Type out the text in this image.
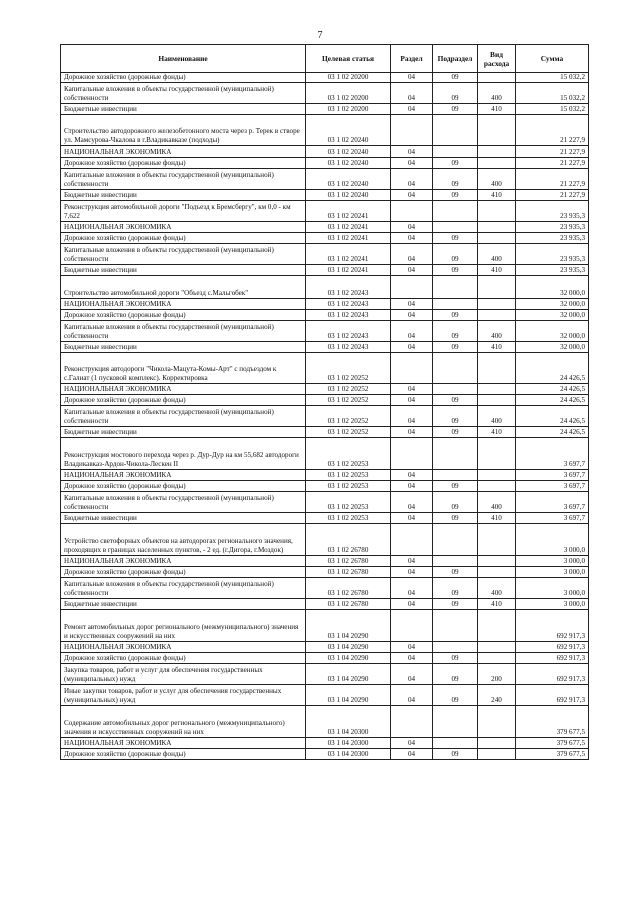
7
Наименование	Целевая статья	Раздел	Подраздел	Вид расхода	Сумма
Дорожное хозяйство (дорожные фонды)	03 1 02 20200	04	09		15 032,2
Капитальные вложения в объекты государственной (муниципальной) собственности	03 1 02 20200	04	09	400	15 032,2
Бюджетные инвестиции	03 1 02 20200	04	09	410	15 032,2
Строительство автодорожного железобетонного моста через р. Терек в створе ул. Мамсурова-Чкалова в г.Владикавказе (подходы)	03 1 02 20240				21 227,9
НАЦИОНАЛЬНАЯ ЭКОНОМИКА	03 1 02 20240	04			21 227,9
Дорожное хозяйство (дорожные фонды)	03 1 02 20240	04	09		21 227,9
Капитальные вложения в объекты государственной (муниципальной) собственности	03 1 02 20240	04	09	400	21 227,9
Бюджетные инвестиции	03 1 02 20240	04	09	410	21 227,9
Реконструкция автомобильной дороги "Подъезд к Бремсбергу", км 0,0 - км 7,622	03 1 02 20241				23 935,3
НАЦИОНАЛЬНАЯ ЭКОНОМИКА	03 1 02 20241	04			23 935,3
Дорожное хозяйство (дорожные фонды)	03 1 02 20241	04	09		23 935,3
Капитальные вложения в объекты государственной (муниципальной) собственности	03 1 02 20241	04	09	400	23 935,3
Бюджетные инвестиции	03 1 02 20241	04	09	410	23 935,3
Строительство автомобильной дороги "Объезд с.Мальгобек"	03 1 02 20243				32 000,0
НАЦИОНАЛЬНАЯ ЭКОНОМИКА	03 1 02 20243	04			32 000,0
Дорожное хозяйство (дорожные фонды)	03 1 02 20243	04	09		32 000,0
Капитальные вложения в объекты государственной (муниципальной) собственности	03 1 02 20243	04	09	400	32 000,0
Бюджетные инвестиции	03 1 02 20243	04	09	410	32 000,0
Реконструкция автодороги "Чикола-Мацута-Комы-Арт" с подъездом к с.Галиат (1 пусковой комплекс). Корректировка	03 1 02 20252				24 426,5
НАЦИОНАЛЬНАЯ ЭКОНОМИКА	03 1 02 20252	04			24 426,5
Дорожное хозяйство (дорожные фонды)	03 1 02 20252	04	09		24 426,5
Капитальные вложения в объекты государственной (муниципальной) собственности	03 1 02 20252	04	09	400	24 426,5
Бюджетные инвестиции	03 1 02 20252	04	09	410	24 426,5
Реконструкция мостового перехода через р. Дур-Дур на км 55,682 автодороги Владикавказ-Ардон-Чикола-Лескен II	03 1 02 20253				3 697,7
НАЦИОНАЛЬНАЯ ЭКОНОМИКА	03 1 02 20253	04			3 697,7
Дорожное хозяйство (дорожные фонды)	03 1 02 20253	04	09		3 697,7
Капитальные вложения в объекты государственной (муниципальной) собственности	03 1 02 20253	04	09	400	3 697,7
Бюджетные инвестиции	03 1 02 20253	04	09	410	3 697,7
Устройство светофорных объектов на автодорогах регионального значения, проходящих в границах населенных пунктов, - 2 ед. (г.Дигора, г.Моздок)	03 1 02 26780				3 000,0
НАЦИОНАЛЬНАЯ ЭКОНОМИКА	03 1 02 26780	04			3 000,0
Дорожное хозяйство (дорожные фонды)	03 1 02 26780	04	09		3 000,0
Капитальные вложения в объекты государственной (муниципальной) собственности	03 1 02 26780	04	09	400	3 000,0
Бюджетные инвестиции	03 1 02 26780	04	09	410	3 000,0
Ремонт автомобильных дорог регионального (межмуниципального) значения и искусственных сооружений на них	03 1 04 20290				692 917,3
НАЦИОНАЛЬНАЯ ЭКОНОМИКА	03 1 04 20290	04			692 917,3
Дорожное хозяйство (дорожные фонды)	03 1 04 20290	04	09		692 917,3
Закупка товаров, работ и услуг для обеспечения государственных (муниципальных) нужд	03 1 04 20290	04	09	200	692 917,3
Иные закупки товаров, работ и услуг для обеспечения государственных (муниципальных) нужд	03 1 04 20290	04	09	240	692 917,3
Содержание автомобильных дорог регионального (межмуниципального) значения и искусственных сооружений на них	03 1 04 20300				379 677,5
НАЦИОНАЛЬНАЯ ЭКОНОМИКА	03 1 04 20300	04			379 677,5
Дорожное хозяйство (дорожные фонды)	03 1 04 20300	04	09		379 677,5
